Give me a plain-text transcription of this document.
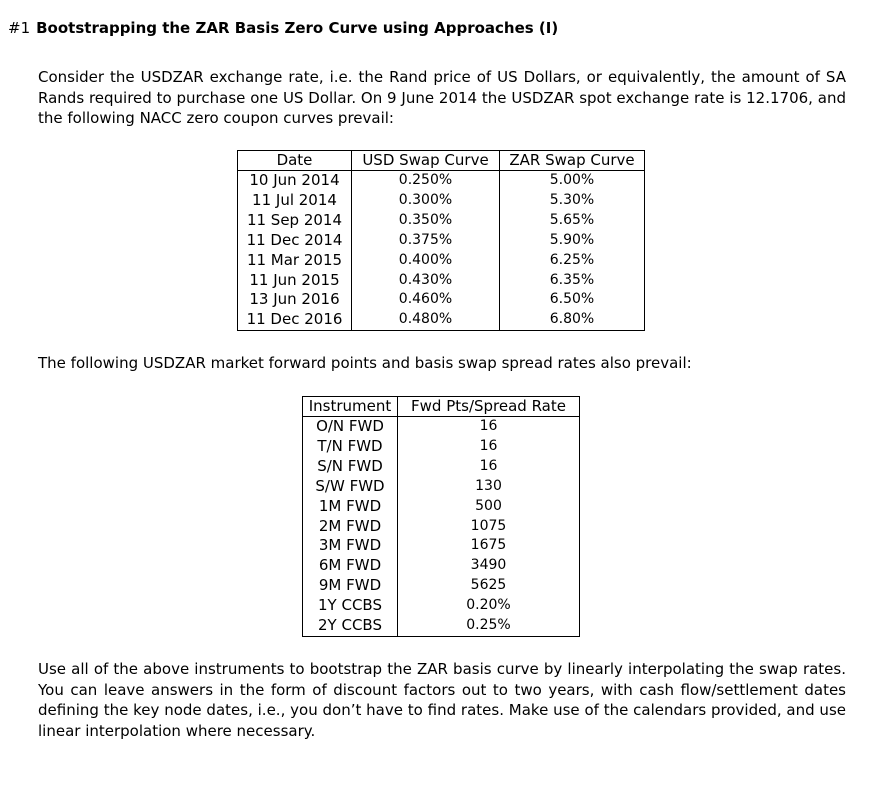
#1 Bootstrapping the ZAR Basis Zero Curve using Approaches (I)
Consider the USDZAR exchange rate, i.e. the Rand price of US Dollars, or equivalently, the amount of SA Rands required to purchase one US Dollar. On 9 June 2014 the USDZAR spot exchange rate is 12.1706, and the following NACC zero coupon curves prevail:
Date	USD Swap Curve	ZAR Swap Curve
10 Jun 2014	0.250%	5.00%
11 Jul 2014	0.300%	5.30%
11 Sep 2014	0.350%	5.65%
11 Dec 2014	0.375%	5.90%
11 Mar 2015	0.400%	6.25%
11 Jun 2015	0.430%	6.35%
13 Jun 2016	0.460%	6.50%
11 Dec 2016	0.480%	6.80%
The following USDZAR market forward points and basis swap spread rates also prevail:
Instrument	Fwd Pts/Spread Rate
O/N FWD	16
T/N FWD	16
S/N FWD	16
S/W FWD	130
1M FWD	500
2M FWD	1075
3M FWD	1675
6M FWD	3490
9M FWD	5625
1Y CCBS	0.20%
2Y CCBS	0.25%
Use all of the above instruments to bootstrap the ZAR basis curve by linearly interpolating the swap rates. You can leave answers in the form of discount factors out to two years, with cash flow/settlement dates defining the key node dates, i.e., you don’t have to find rates. Make use of the calendars provided, and use linear interpolation where necessary.
